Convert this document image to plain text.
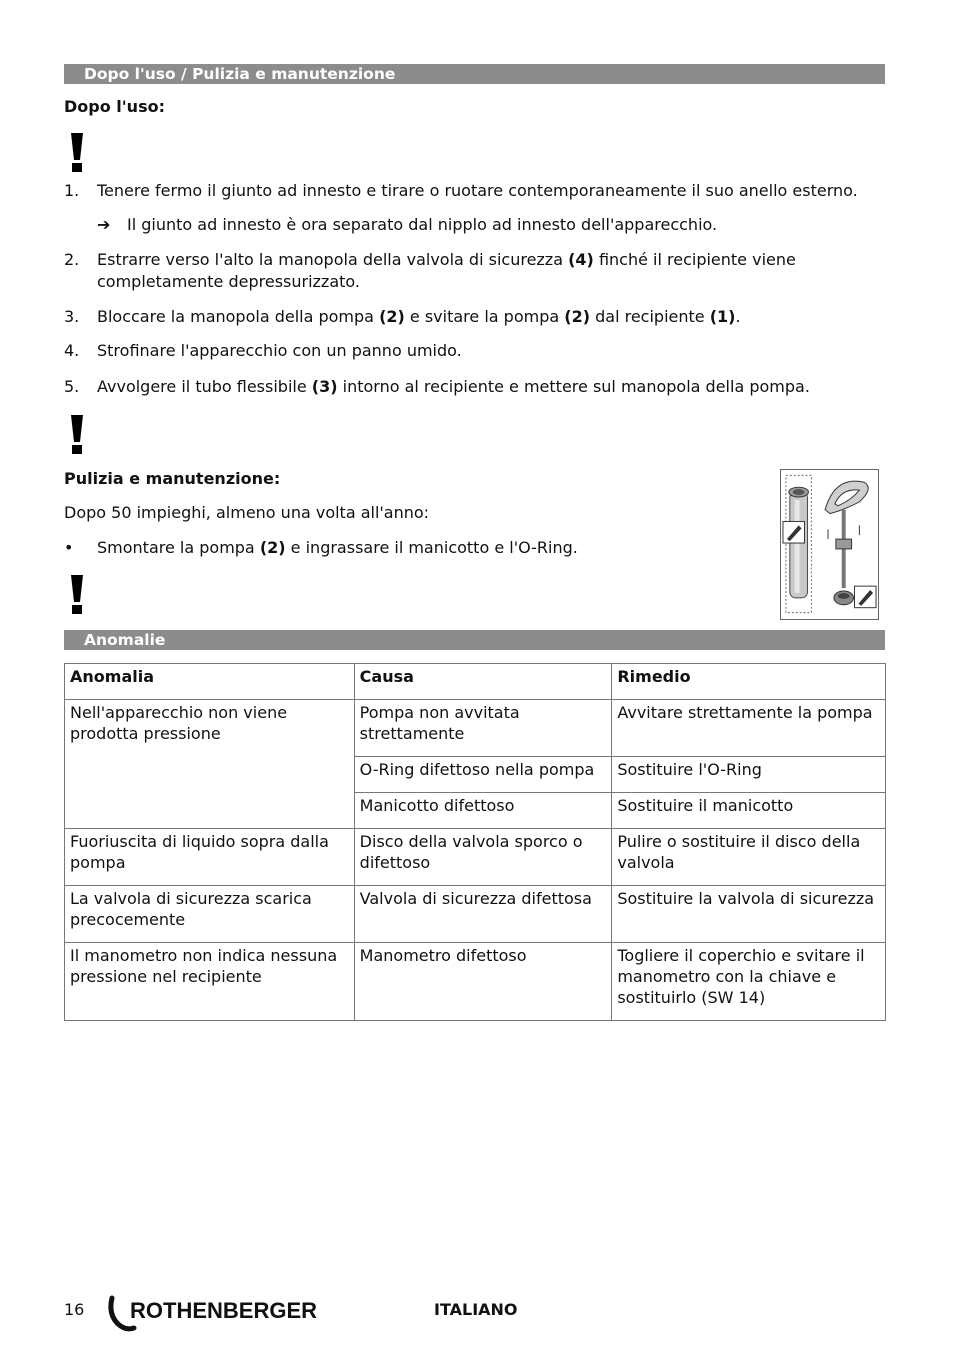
Dopo l'uso / Pulizia e manutenzione
Dopo l'uso:
1. Tenere fermo il giunto ad innesto e tirare o ruotare contemporaneamente il suo anello esterno.
➔ Il giunto ad innesto è ora separato dal nipplo ad innesto dell'apparecchio.
2. Estrarre verso l'alto la manopola della valvola di sicurezza (4) finché il recipiente viene completamente depressurizzato.
3. Bloccare la manopola della pompa (2) e svitare la pompa (2) dal recipiente (1).
4. Strofinare l'apparecchio con un panno umido.
5. Avvolgere il tubo flessibile (3) intorno al recipiente e mettere sul manopola della pompa.
Pulizia e manutenzione:
Dopo 50 impieghi, almeno una volta all'anno:
• Smontare la pompa (2) e ingrassare il manicotto e l'O-Ring.
Anomalie
Anomalia	Causa	Rimedio
Nell'apparecchio non viene prodotta pressione	Pompa non avvitata strettamente	Avvitare strettamente la pompa
	O-Ring difettoso nella pompa	Sostituire l'O-Ring
	Manicotto difettoso	Sostituire il manicotto
Fuoriuscita di liquido sopra dalla pompa	Disco della valvola sporco o difettoso	Pulire o sostituire il disco della valvola
La valvola di sicurezza scarica precocemente	Valvola di sicurezza difettosa	Sostituire la valvola di sicurezza
Il manometro non indica nessuna pressione nel recipiente	Manometro difettoso	Togliere il coperchio e svitare il manometro con la chiave e sostituirlo (SW 14)
16 ROTHENBERGER	ITALIANO
